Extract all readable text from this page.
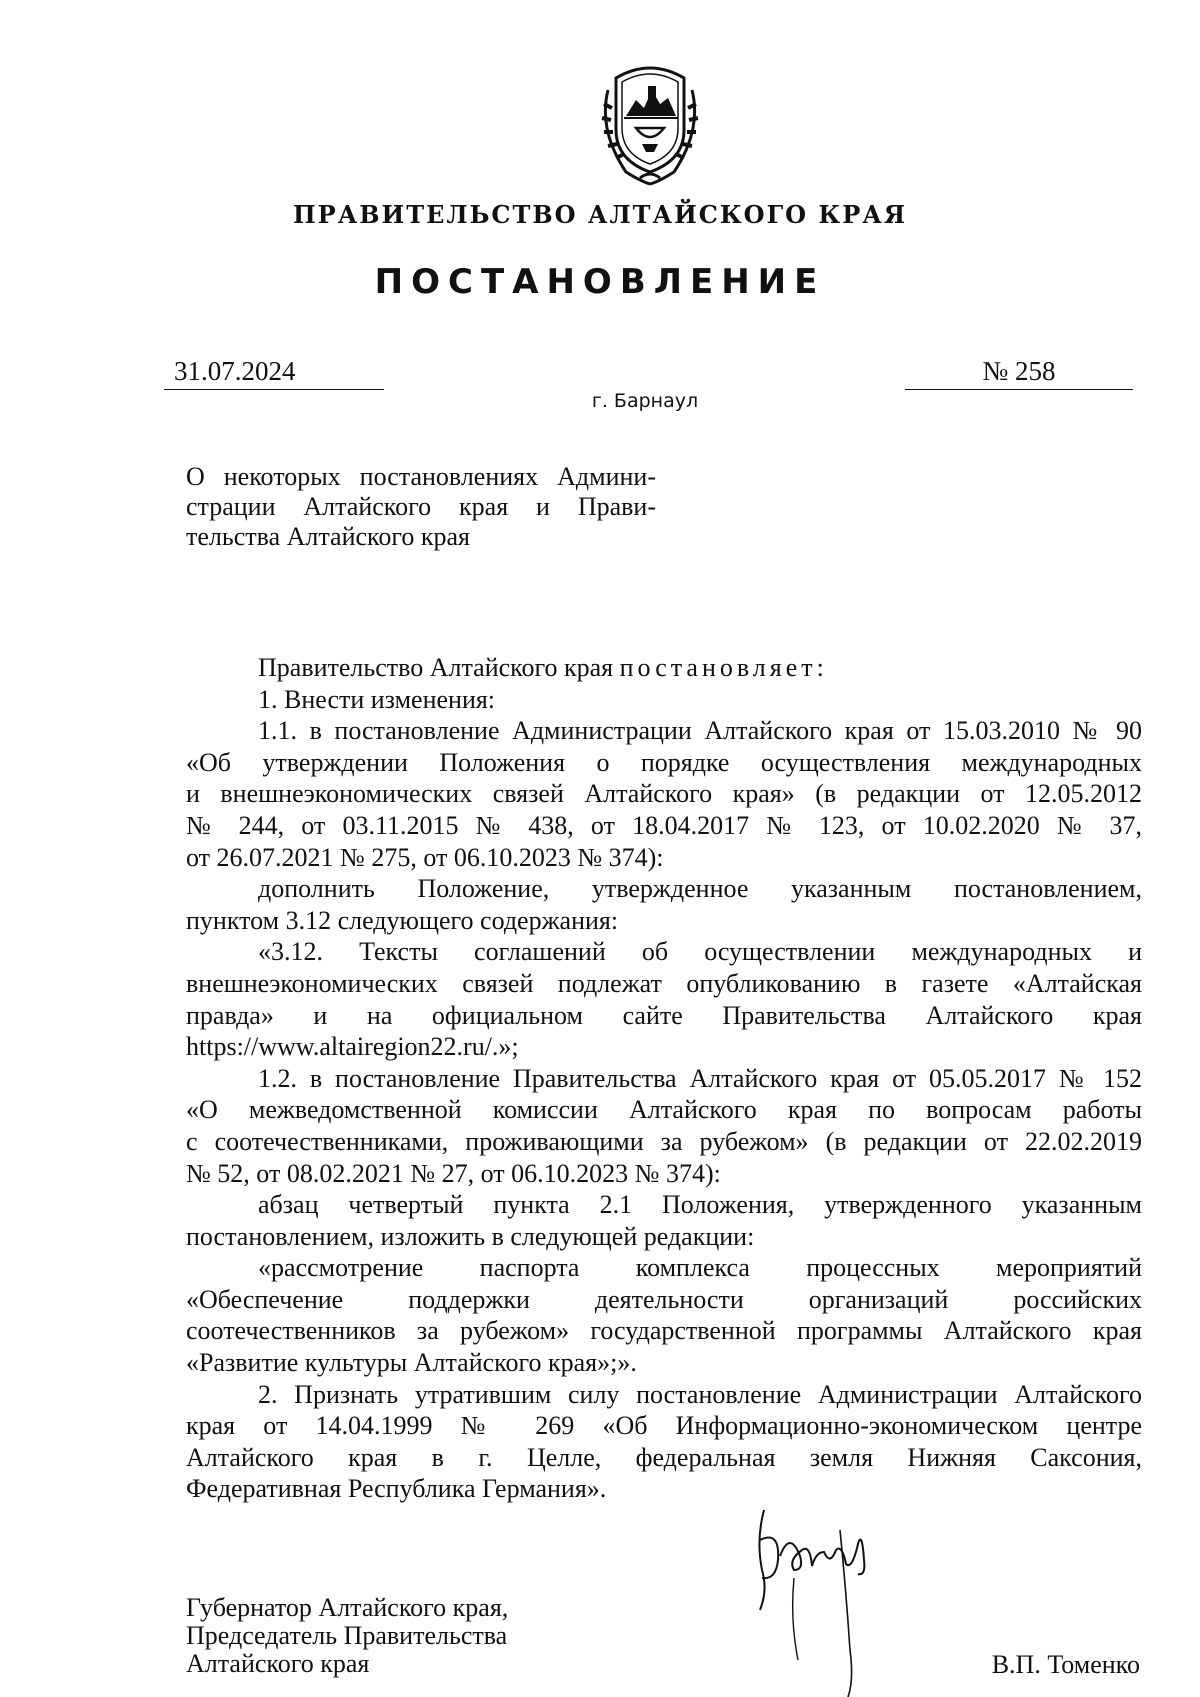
ПРАВИТЕЛЬСТВО АЛТАЙСКОГО КРАЯ
ПОСТАНОВЛЕНИЕ
31.07.2024	№ 258
г. Барнаул
О некоторых постановлениях Админи-
страции Алтайского края и Прави-
тельства Алтайского края
Правительство Алтайского края постановляет:
1. Внести изменения:
1.1. в постановление Администрации Алтайского края от 15.03.2010 № 90
«Об утверждении Положения о порядке осуществления международных
и внешнеэкономических связей Алтайского края» (в редакции от 12.05.2012
№ 244, от 03.11.2015 № 438, от 18.04.2017 № 123, от 10.02.2020 № 37,
от 26.07.2021 № 275, от 06.10.2023 № 374):
дополнить Положение, утвержденное указанным постановлением,
пунктом 3.12 следующего содержания:
«3.12. Тексты соглашений об осуществлении международных и
внешнеэкономических связей подлежат опубликованию в газете «Алтайская
правда» и на официальном сайте Правительства Алтайского края
https://www.altairegion22.ru/.»;
1.2. в постановление Правительства Алтайского края от 05.05.2017 № 152
«О межведомственной комиссии Алтайского края по вопросам работы
с соотечественниками, проживающими за рубежом» (в редакции от 22.02.2019
№ 52, от 08.02.2021 № 27, от 06.10.2023 № 374):
абзац четвертый пункта 2.1 Положения, утвержденного указанным
постановлением, изложить в следующей редакции:
«рассмотрение паспорта комплекса процессных мероприятий
«Обеспечение поддержки деятельности организаций российских
соотечественников за рубежом» государственной программы Алтайского края
«Развитие культуры Алтайского края»;».
2. Признать утратившим силу постановление Администрации Алтайского
края от 14.04.1999 № 269 «Об Информационно-экономическом центре
Алтайского края в г. Целле, федеральная земля Нижняя Саксония,
Федеративная Республика Германия».
Губернатор Алтайского края,
Председатель Правительства
Алтайского края	В.П. Томенко
